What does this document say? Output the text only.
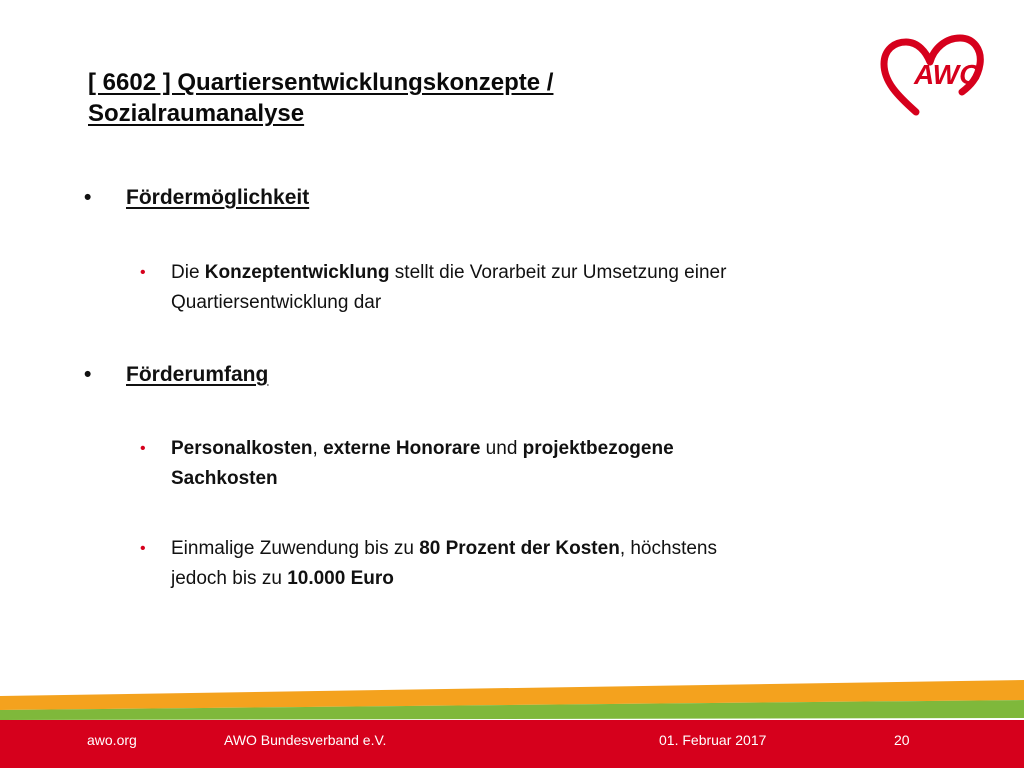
[ 6602 ] Quartiersentwicklungskonzepte /
Sozialraumanalyse
AWO
•	Fördermöglichkeit
•	Die Konzeptentwicklung stellt die Vorarbeit zur Umsetzung einer
Quartiersentwicklung dar
•	Förderumfang
•	Personalkosten, externe Honorare und projektbezogene
Sachkosten
•	Einmalige Zuwendung bis zu 80 Prozent der Kosten, höchstens
jedoch bis zu 10.000 Euro
awo.org	AWO Bundesverband e.V.	01. Februar 2017	20
